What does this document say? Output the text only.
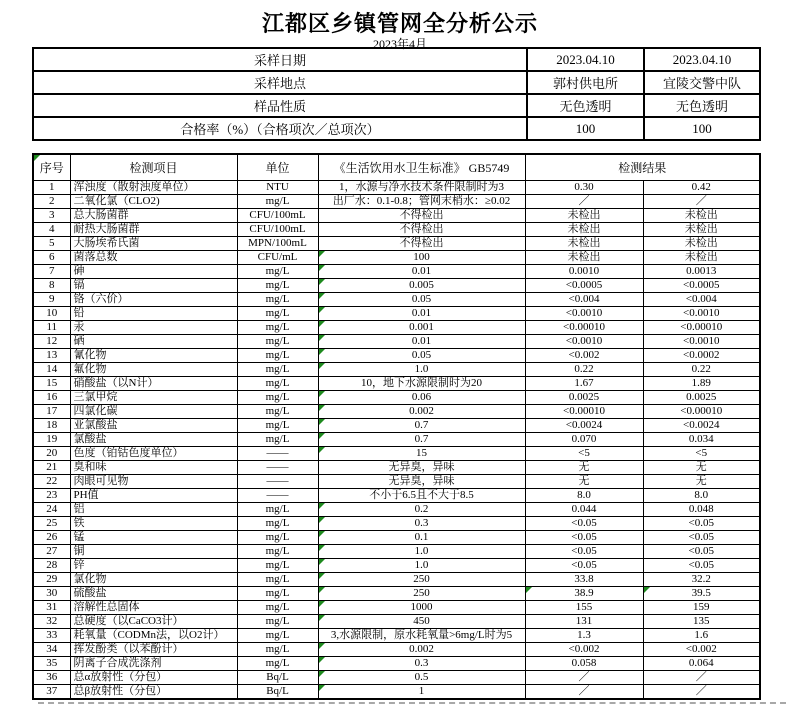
江都区乡镇管网全分析公示
2023年4月
采样日期	2023.04.10	2023.04.10
采样地点	郭村供电所	宜陵交警中队
样品性质	无色透明	无色透明
合格率（%）（合格项次／总项次）	100	100
序号	检测项目	单位	《生活饮用水卫生标准》 GB5749	检测结果	
1	浑浊度（散射浊度单位）	NTU	1，水源与净水技术条件限制时为3	0.30	0.42
2	二氧化氯（CLO2)	mg/L	出厂水：0.1-0.8；管网末梢水：≥0.02	／	／
3	总大肠菌群	CFU/100mL	不得检出	未检出	未检出
4	耐热大肠菌群	CFU/100mL	不得检出	未检出	未检出
5	大肠埃希氏菌	MPN/100mL	不得检出	未检出	未检出
6	菌落总数	CFU/mL	100	未检出	未检出
7	砷	mg/L	0.01	0.0010	0.0013
8	镉	mg/L	0.005	<0.0005	<0.0005
9	铬（六价）	mg/L	0.05	<0.004	<0.004
10	铅	mg/L	0.01	<0.0010	<0.0010
11	汞	mg/L	0.001	<0.00010	<0.00010
12	硒	mg/L	0.01	<0.0010	<0.0010
13	氰化物	mg/L	0.05	<0.002	<0.0002
14	氟化物	mg/L	1.0	0.22	0.22
15	硝酸盐（以N计）	mg/L	10，地下水源限制时为20	1.67	1.89
16	三氯甲烷	mg/L	0.06	0.0025	0.0025
17	四氯化碳	mg/L	0.002	<0.00010	<0.00010
18	亚氯酸盐	mg/L	0.7	<0.0024	<0.0024
19	氯酸盐	mg/L	0.7	0.070	0.034
20	色度（铂钴色度单位）	——	15	<5	<5
21	臭和味	——	无异臭，异味	无	无
22	肉眼可见物	——	无异臭，异味	无	无
23	PH值	——	不小于6.5且不大于8.5	8.0	8.0
24	铝	mg/L	0.2	0.044	0.048
25	铁	mg/L	0.3	<0.05	<0.05
26	锰	mg/L	0.1	<0.05	<0.05
27	铜	mg/L	1.0	<0.05	<0.05
28	锌	mg/L	1.0	<0.05	<0.05
29	氯化物	mg/L	250	33.8	32.2
30	硫酸盐	mg/L	250	38.9	39.5
31	溶解性总固体	mg/L	1000	155	159
32	总硬度（以CaCO3计）	mg/L	450	131	135
33	耗氧量（CODMn法，以O2计）	mg/L	3,水源限制，原水耗氧量>6mg/L时为5	1.3	1.6
34	挥发酚类（以苯酚计）	mg/L	0.002	<0.002	<0.002
35	阴离子合成洗涤剂	mg/L	0.3	0.058	0.064
36	总α放射性（分包）	Bq/L	0.5	／	／
37	总β放射性（分包）	Bq/L	1	／	／
